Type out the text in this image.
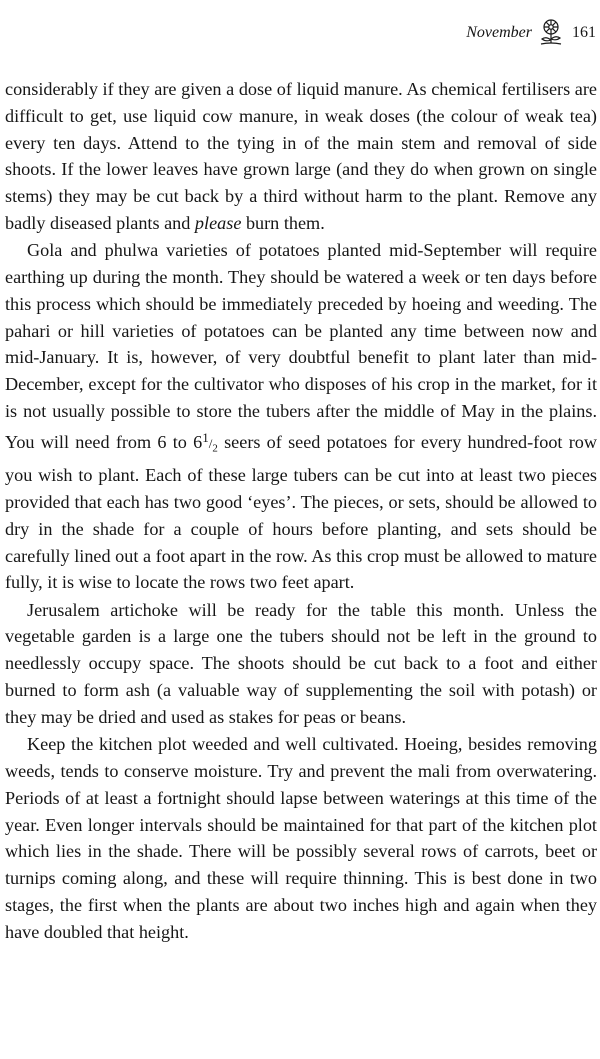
November	161

considerably if they are given a dose of liquid manure. As chemical fertilisers are difficult to get, use liquid cow manure, in weak doses (the colour of weak tea) every ten days. Attend to the tying in of the main stem and removal of side shoots. If the lower leaves have grown large (and they do when grown on single stems) they may be cut back by a third without harm to the plant. Remove any badly diseased plants and please burn them.

Gola and phulwa varieties of potatoes planted mid-September will require earthing up during the month. They should be watered a week or ten days before this process which should be immediately preceded by hoeing and weeding. The pahari or hill varieties of potatoes can be planted any time between now and mid-January. It is, however, of very doubtful benefit to plant later than mid-December, except for the cultivator who disposes of his crop in the market, for it is not usually possible to store the tubers after the middle of May in the plains. You will need from 6 to $6^1/_2$ seers of seed potatoes for every hundred-foot row you wish to plant. Each of these large tubers can be cut into at least two pieces provided that each has two good ‘eyes’. The pieces, or sets, should be allowed to dry in the shade for a couple of hours before planting, and sets should be carefully lined out a foot apart in the row. As this crop must be allowed to mature fully, it is wise to locate the rows two feet apart.

Jerusalem artichoke will be ready for the table this month. Unless the vegetable garden is a large one the tubers should not be left in the ground to needlessly occupy space. The shoots should be cut back to a foot and either burned to form ash (a valuable way of supplementing the soil with potash) or they may be dried and used as stakes for peas or beans.

Keep the kitchen plot weeded and well cultivated. Hoeing, besides removing weeds, tends to conserve moisture. Try and prevent the mali from overwatering. Periods of at least a fortnight should lapse between waterings at this time of the year. Even longer intervals should be maintained for that part of the kitchen plot which lies in the shade. There will be possibly several rows of carrots, beet or turnips coming along, and these will require thinning. This is best done in two stages, the first when the plants are about two inches high and again when they have doubled that height.
